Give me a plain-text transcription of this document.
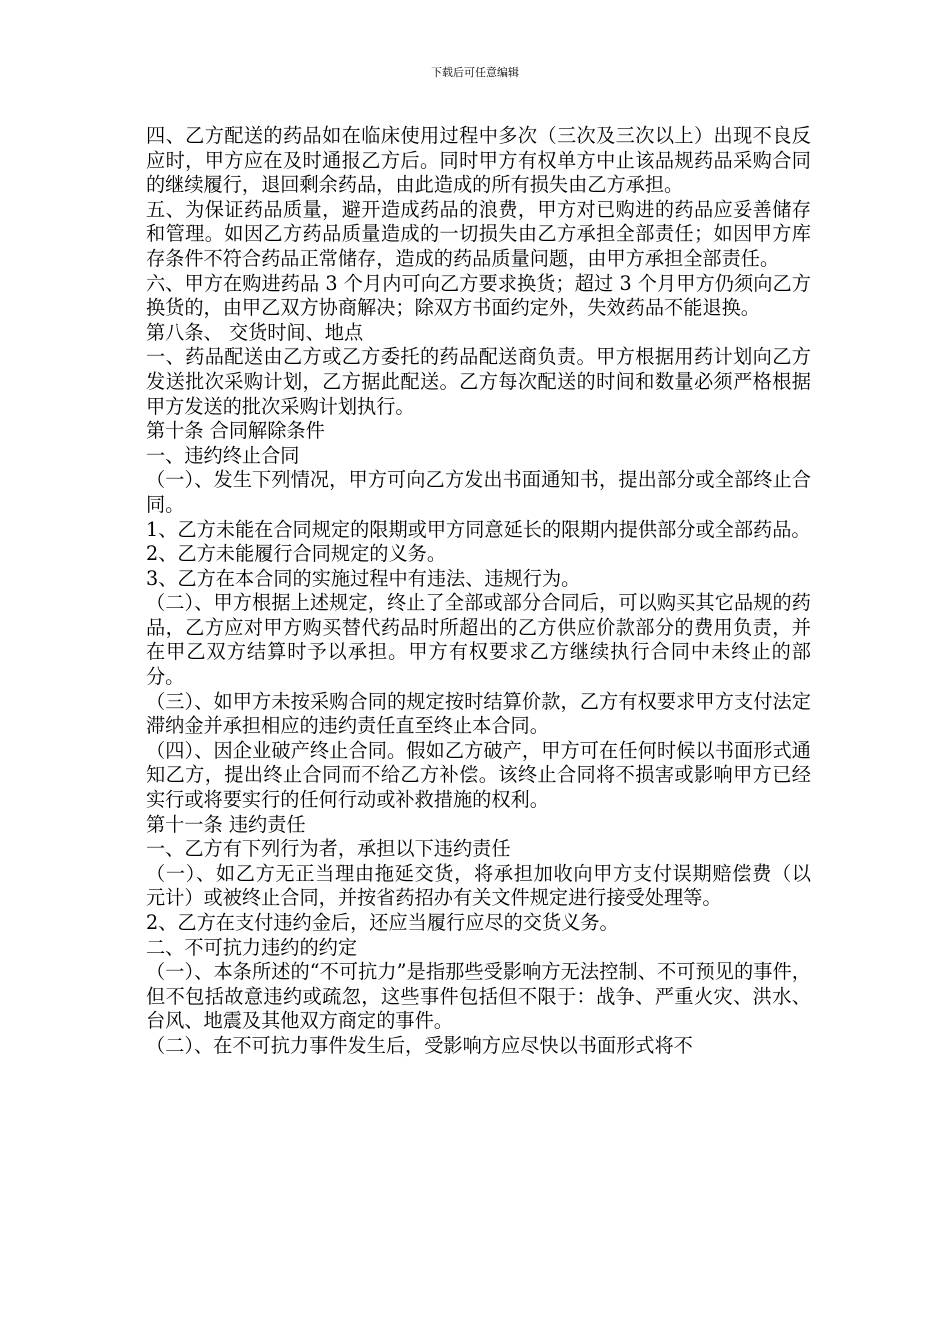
下载后可任意编辑

四、乙方配送的药品如在临床使用过程中多次（三次及三次以上）出现不良反应时，甲方应在及时通报乙方后。同时甲方有权单方中止该品规药品采购合同的继续履行，退回剩余药品，由此造成的所有损失由乙方承担。

五、为保证药品质量，避开造成药品的浪费，甲方对已购进的药品应妥善储存和管理。如因乙方药品质量造成的一切损失由乙方承担全部责任；如因甲方库存条件不符合药品正常储存，造成的药品质量问题，由甲方承担全部责任。

六、甲方在购进药品 3 个月内可向乙方要求换货；超过 3 个月甲方仍须向乙方换货的，由甲乙双方协商解决；除双方书面约定外，失效药品不能退换。

第八条、 交货时间、地点

一、药品配送由乙方或乙方委托的药品配送商负责。甲方根据用药计划向乙方发送批次采购计划，乙方据此配送。乙方每次配送的时间和数量必须严格根据甲方发送的批次采购计划执行。

第十条 合同解除条件

一、违约终止合同

（一）、发生下列情况，甲方可向乙方发出书面通知书，提出部分或全部终止合同。

1、乙方未能在合同规定的限期或甲方同意延长的限期内提供部分或全部药品。

2、乙方未能履行合同规定的义务。

3、乙方在本合同的实施过程中有违法、违规行为。

（二）、甲方根据上述规定，终止了全部或部分合同后，可以购买其它品规的药品，乙方应对甲方购买替代药品时所超出的乙方供应价款部分的费用负责，并在甲乙双方结算时予以承担。甲方有权要求乙方继续执行合同中未终止的部分。

（三）、如甲方未按采购合同的规定按时结算价款，乙方有权要求甲方支付法定滞纳金并承担相应的违约责任直至终止本合同。

（四）、因企业破产终止合同。假如乙方破产，甲方可在任何时候以书面形式通知乙方，提出终止合同而不给乙方补偿。该终止合同将不损害或影响甲方已经实行或将要实行的任何行动或补救措施的权利。

第十一条 违约责任

一、乙方有下列行为者，承担以下违约责任

（一）、如乙方无正当理由拖延交货，将承担加收向甲方支付误期赔偿费（以　元计）或被终止合同，并按省药招办有关文件规定进行接受处理等。

2、乙方在支付违约金后，还应当履行应尽的交货义务。

二、不可抗力违约的约定

（一）、本条所述的“不可抗力”是指那些受影响方无法控制、不可预见的事件，但不包括故意违约或疏忽，这些事件包括但不限于：战争、严重火灾、洪水、台风、地震及其他双方商定的事件。

（二）、在不可抗力事件发生后，受影响方应尽快以书面形式将不
